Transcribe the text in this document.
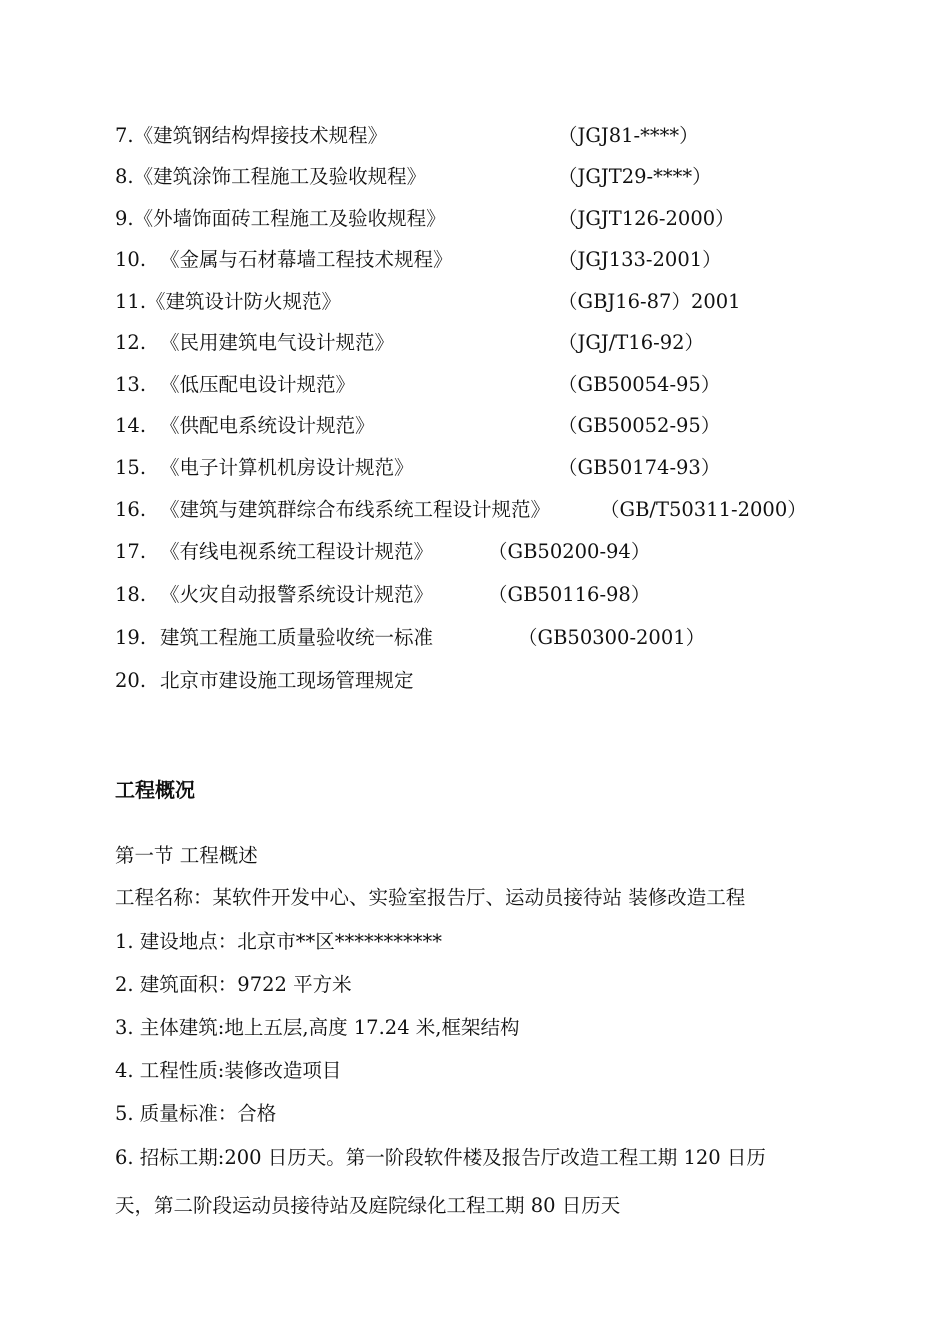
7.《建筑钢结构焊接技术规程》	（JGJ81-****）
8.《建筑涂饰工程施工及验收规程》	（JGJT29-****）
9.《外墙饰面砖工程施工及验收规程》	（JGJT126-2000）
10. 《金属与石材幕墙工程技术规程》	（JGJ133-2001）
11.《建筑设计防火规范》	（GBJ16-87）2001
12. 《民用建筑电气设计规范》	（JGJ/T16-92）
13. 《低压配电设计规范》	（GB50054-95）
14. 《供配电系统设计规范》	（GB50052-95）
15. 《电子计算机机房设计规范》	（GB50174-93）
16. 《建筑与建筑群综合布线系统工程设计规范》	（GB/T50311-2000）
17. 《有线电视系统工程设计规范》	（GB50200-94）
18. 《火灾自动报警系统设计规范》	（GB50116-98）
19. 建筑工程施工质量验收统一标准	（GB50300-2001）
20. 北京市建设施工现场管理规定
工程概况
第一节 工程概述
工程名称：某软件开发中心、实验室报告厅、运动员接待站 装修改造工程
1. 建设地点：北京市**区***********
2. 建筑面积：9722 平方米
3. 主体建筑:地上五层,高度 17.24 米,框架结构
4. 工程性质:装修改造项目
5. 质量标准：合格
6. 招标工期:200 日历天。第一阶段软件楼及报告厅改造工程工期 120 日历
天，第二阶段运动员接待站及庭院绿化工程工期 80 日历天
